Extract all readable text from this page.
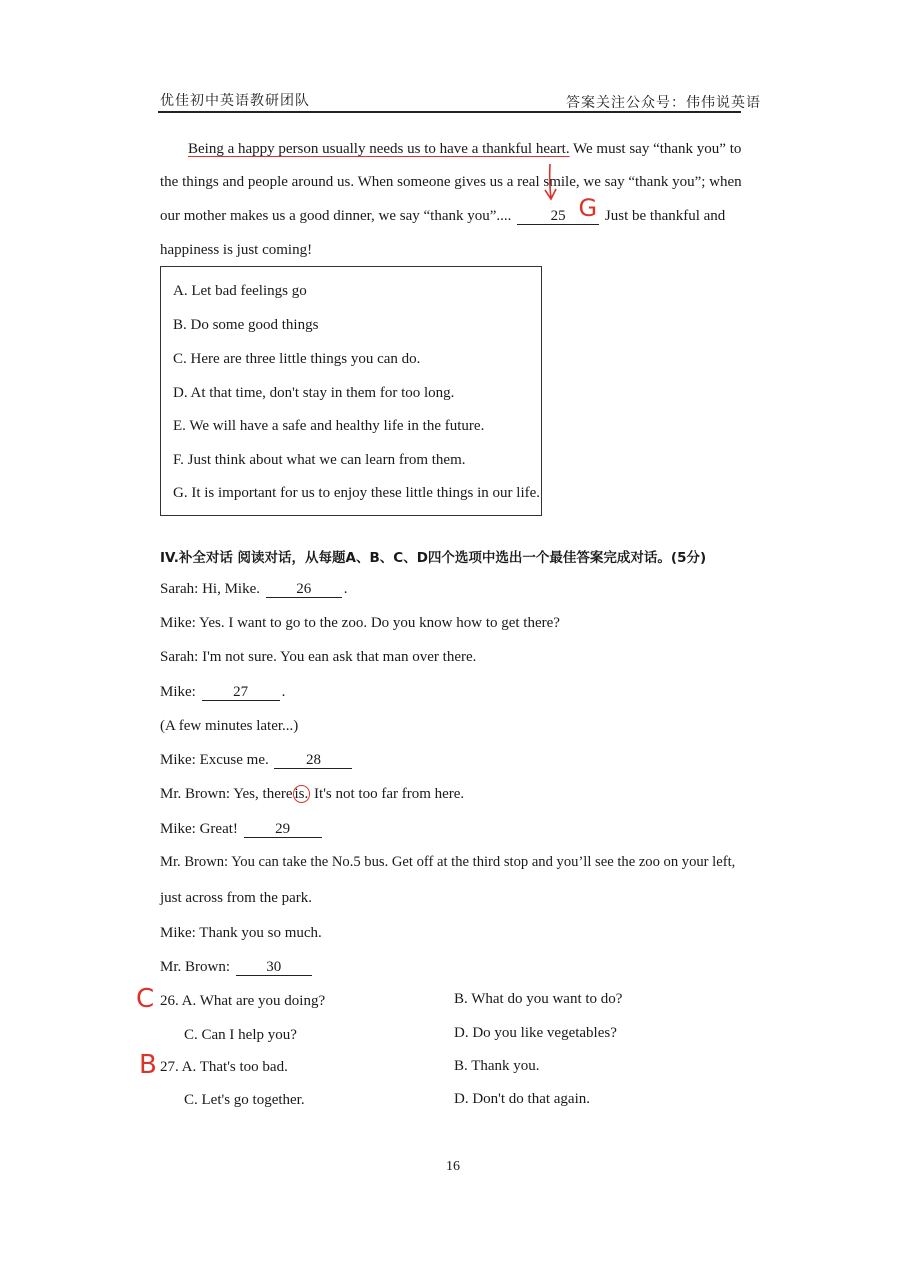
优佳初中英语教研团队	答案关注公众号：伟伟说英语
Being a happy person usually needs us to have a thankful heart. We must say “thank you” to
the things and people around us. When someone gives us a real smile, we say “thank you”; when
our mother makes us a good dinner, we say “thank you”....	25 G Just be thankful and
happiness is just coming!
A. Let bad feelings go
B. Do some good things
C. Here are three little things you can do.
D. At that time, don't stay in them for too long.
E. We will have a safe and healthy life in the future.
F. Just think about what we can learn from them.
G. It is important for us to enjoy these little things in our life.
IV.补全对话 阅读对话，从每题A、B、C、D四个选项中选出一个最佳答案完成对话。(5分)
Sarah: Hi, Mike. 26 .
Mike: Yes. I want to go to the zoo. Do you know how to get there?
Sarah: I'm not sure. You ean ask that man over there.
Mike: 27 .
(A few minutes later...)
Mike: Excuse me. 28
Mr. Brown: Yes, there is. It's not too far from here.
Mike: Great! 29
Mr. Brown: You can take the No.5 bus. Get off at the third stop and you’ll see the zoo on your left,
just across from the park.
Mike: Thank you so much.
Mr. Brown: 30
C 26. A. What are you doing?	B. What do you want to do?
C. Can I help you?	D. Do you like vegetables?
B 27. A. That's too bad.	B. Thank you.
C. Let's go together.	D. Don't do that again.
16
